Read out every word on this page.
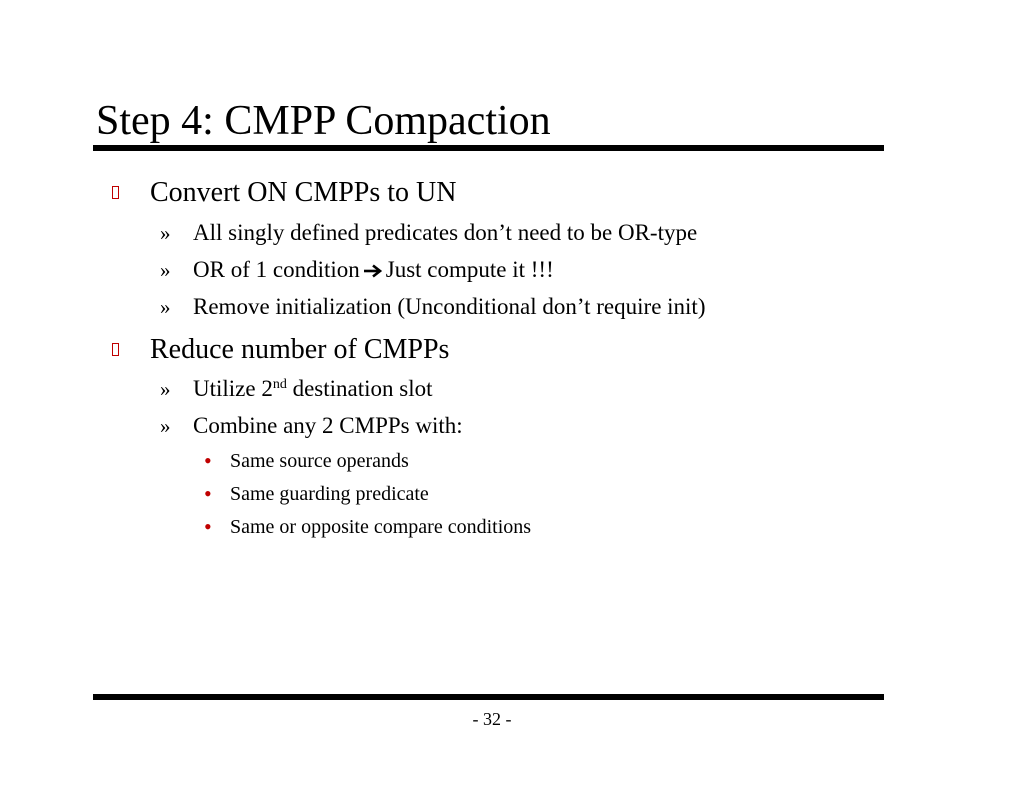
Step 4: CMPP Compaction
Convert ON CMPPs to UN
» All singly defined predicates don’t need to be OR-type
» OR of 1 condition Just compute it !!!
» Remove initialization (Unconditional don’t require init)
Reduce number of CMPPs
» Utilize 2nd destination slot
» Combine any 2 CMPPs with:
• Same source operands
• Same guarding predicate
• Same or opposite compare conditions
- 32 -
